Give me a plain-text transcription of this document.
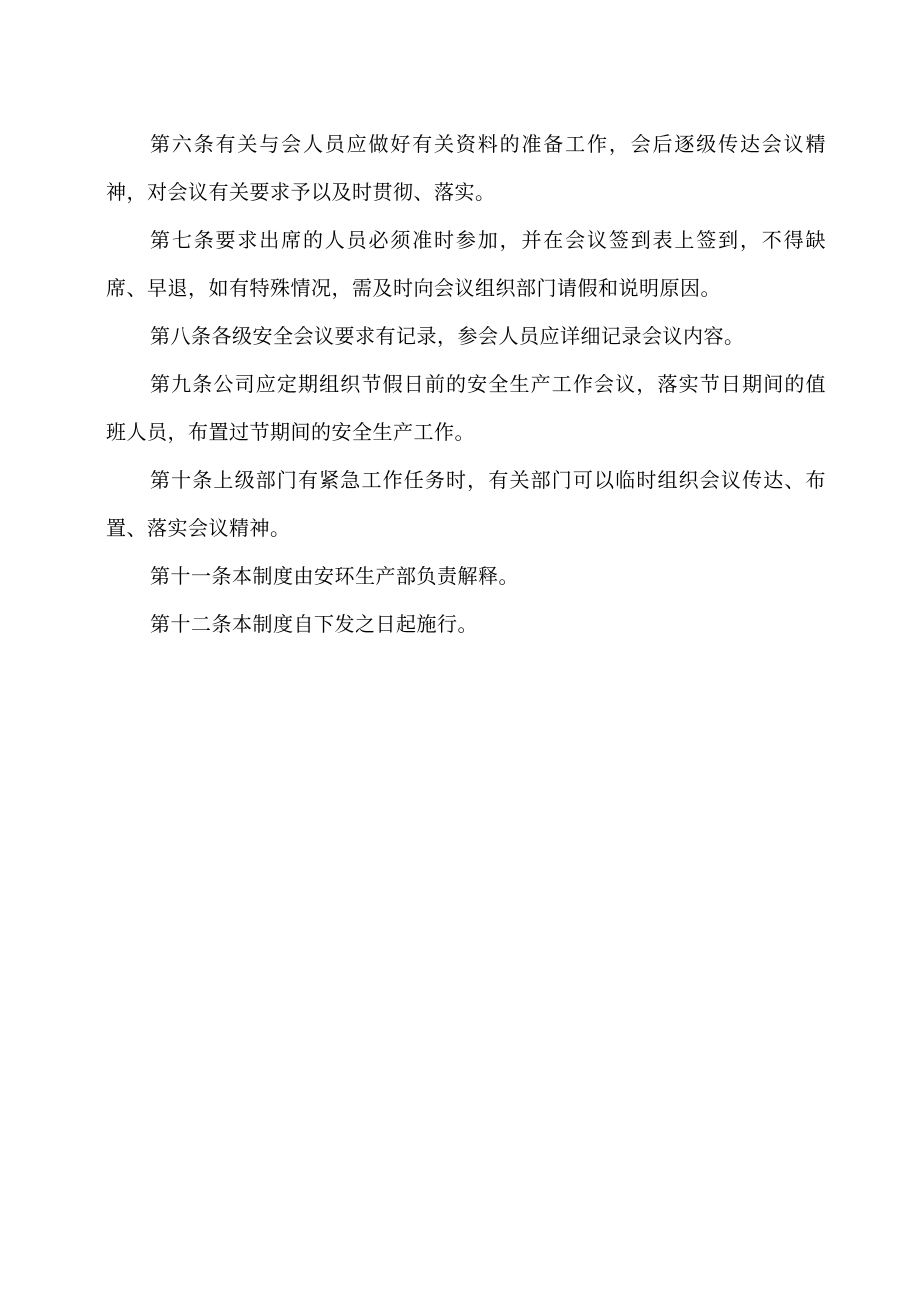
第六条有关与会人员应做好有关资料的准备工作，会后逐级传达会议精神，对会议有关要求予以及时贯彻、落实。

第七条要求出席的人员必须准时参加，并在会议签到表上签到，不得缺席、早退，如有特殊情况，需及时向会议组织部门请假和说明原因。

第八条各级安全会议要求有记录，参会人员应详细记录会议内容。

第九条公司应定期组织节假日前的安全生产工作会议，落实节日期间的值班人员，布置过节期间的安全生产工作。

第十条上级部门有紧急工作任务时，有关部门可以临时组织会议传达、布置、落实会议精神。

第十一条本制度由安环生产部负责解释。

第十二条本制度自下发之日起施行。
